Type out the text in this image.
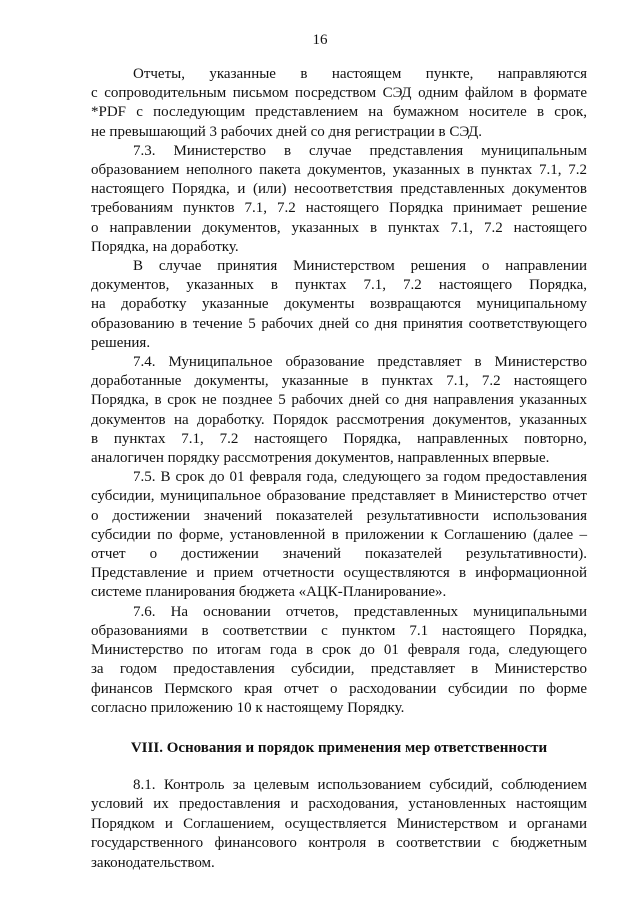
16
Отчеты, указанные в настоящем пункте, направляются
с сопроводительным письмом посредством СЭД одним файлом в формате
*PDF с последующим представлением на бумажном носителе в срок,
не превышающий 3 рабочих дней со дня регистрации в СЭД.
7.3. Министерство в случае представления муниципальным
образованием неполного пакета документов, указанных в пунктах 7.1, 7.2
настоящего Порядка, и (или) несоответствия представленных документов
требованиям пунктов 7.1, 7.2 настоящего Порядка принимает решение
о направлении документов, указанных в пунктах 7.1, 7.2 настоящего
Порядка, на доработку.
В случае принятия Министерством решения о направлении
документов, указанных в пунктах 7.1, 7.2 настоящего Порядка,
на доработку указанные документы возвращаются муниципальному
образованию в течение 5 рабочих дней со дня принятия соответствующего
решения.
7.4. Муниципальное образование представляет в Министерство
доработанные документы, указанные в пунктах 7.1, 7.2 настоящего
Порядка, в срок не позднее 5 рабочих дней со дня направления указанных
документов на доработку. Порядок рассмотрения документов, указанных
в пунктах 7.1, 7.2 настоящего Порядка, направленных повторно,
аналогичен порядку рассмотрения документов, направленных впервые.
7.5. В срок до 01 февраля года, следующего за годом предоставления
субсидии, муниципальное образование представляет в Министерство отчет
о достижении значений показателей результативности использования
субсидии по форме, установленной в приложении к Соглашению (далее –
отчет о достижении значений показателей результативности).
Представление и прием отчетности осуществляются в информационной
системе планирования бюджета «АЦК-Планирование».
7.6. На основании отчетов, представленных муниципальными
образованиями в соответствии с пунктом 7.1 настоящего Порядка,
Министерство по итогам года в срок до 01 февраля года, следующего
за годом предоставления субсидии, представляет в Министерство
финансов Пермского края отчет о расходовании субсидии по форме
согласно приложению 10 к настоящему Порядку.
VIII. Основания и порядок применения мер ответственности
8.1. Контроль за целевым использованием субсидий, соблюдением
условий их предоставления и расходования, установленных настоящим
Порядком и Соглашением, осуществляется Министерством и органами
государственного финансового контроля в соответствии с бюджетным
законодательством.
